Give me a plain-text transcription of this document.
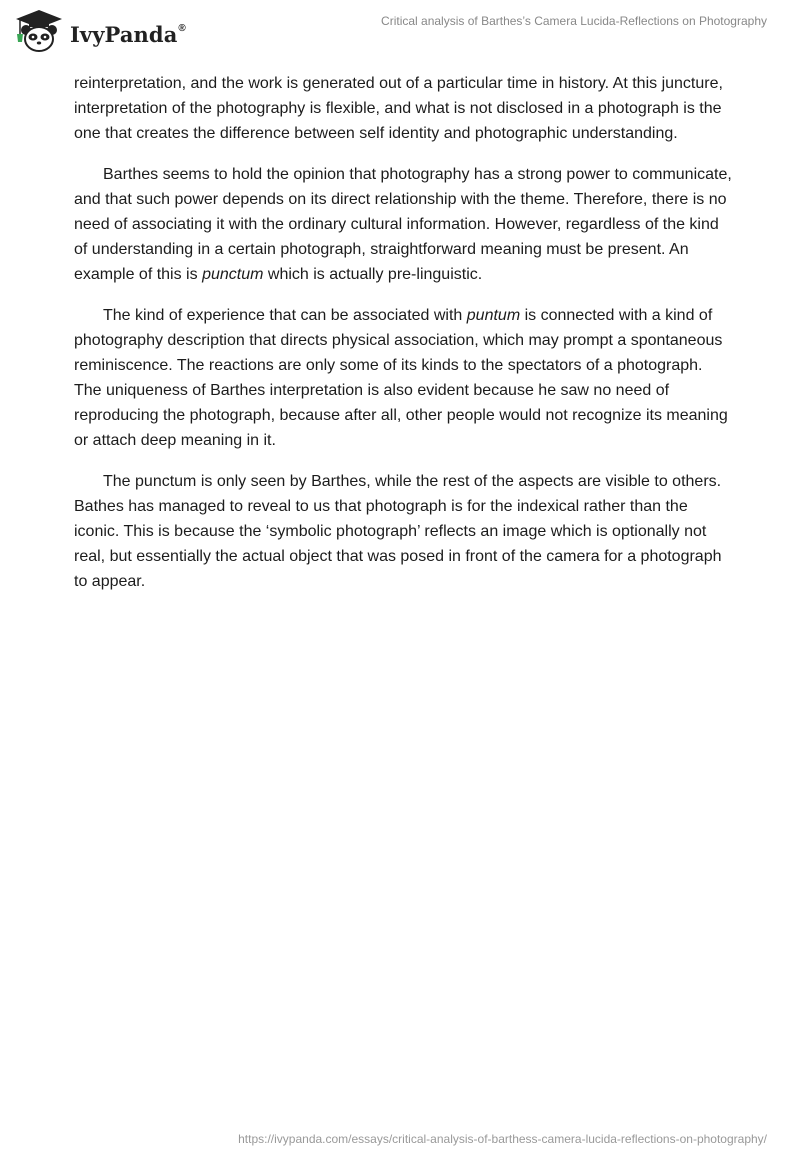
IvyPanda®	Critical analysis of Barthes’s Camera Lucida-Reflections on Photography

reinterpretation, and the work is generated out of a particular time in history. At this juncture, interpretation of the photography is flexible, and what is not disclosed in a photograph is the one that creates the difference between self identity and photographic understanding.

Barthes seems to hold the opinion that photography has a strong power to communicate, and that such power depends on its direct relationship with the theme. Therefore, there is no need of associating it with the ordinary cultural information. However, regardless of the kind of understanding in a certain photograph, straightforward meaning must be present. An example of this is punctum which is actually pre-linguistic.

The kind of experience that can be associated with puntum is connected with a kind of photography description that directs physical association, which may prompt a spontaneous reminiscence. The reactions are only some of its kinds to the spectators of a photograph. The uniqueness of Barthes interpretation is also evident because he saw no need of reproducing the photograph, because after all, other people would not recognize its meaning or attach deep meaning in it.

The punctum is only seen by Barthes, while the rest of the aspects are visible to others. Bathes has managed to reveal to us that photograph is for the indexical rather than the iconic. This is because the ‘symbolic photograph’ reflects an image which is optionally not real, but essentially the actual object that was posed in front of the camera for a photograph to appear.

https://ivypanda.com/essays/critical-analysis-of-barthess-camera-lucida-reflections-on-photography/
